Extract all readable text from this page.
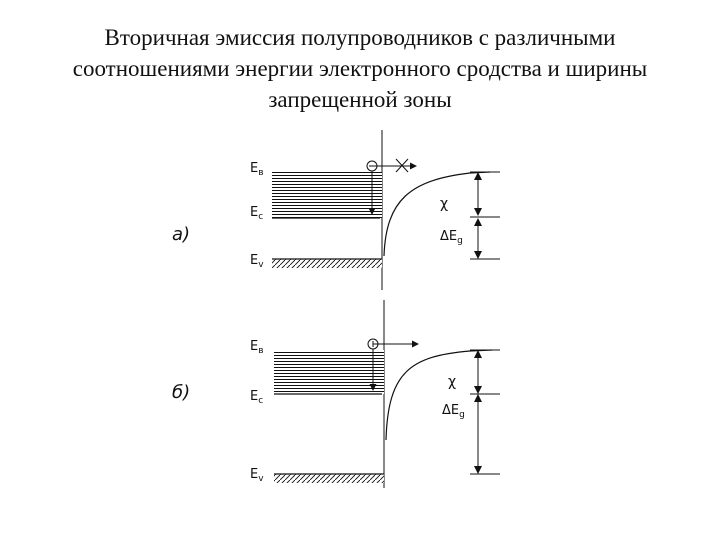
Вторичная эмиссия полупроводников с различными
соотношениями энергии электронного сродства и ширины
запрещенной зоны
а)
$E_в$
$E_c$
$E_v$
χ
$\Delta E_g$
б)
$E_в$
$E_c$
$E_v$
χ
$\Delta E_g$
